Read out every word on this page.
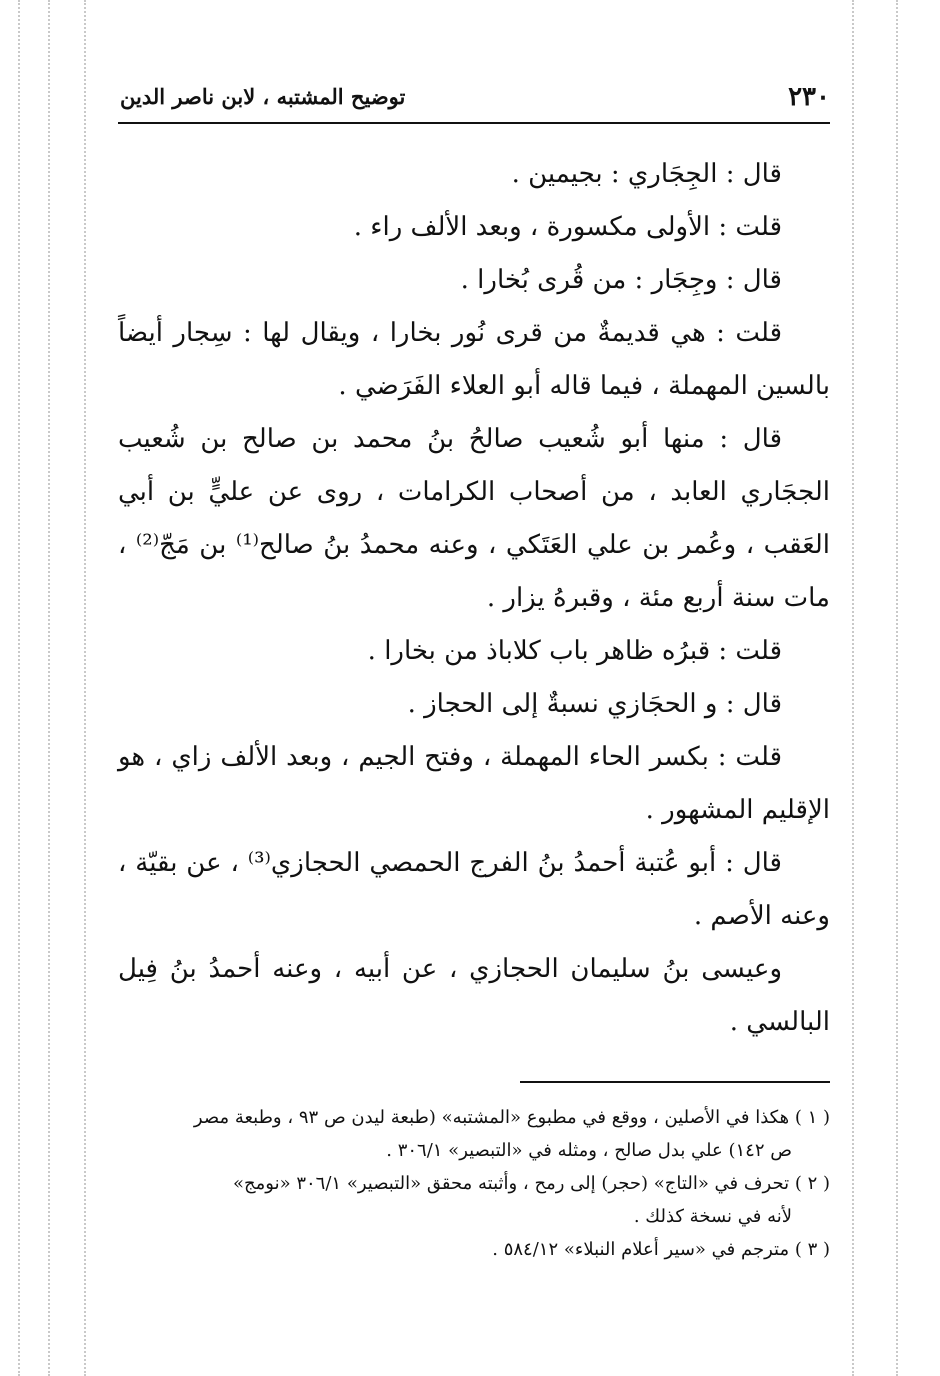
٢٣٠
توضيح المشتبه ، لابن ناصر الدين

قال : الجِجَاري : بجيمين .

قلت : الأولى مكسورة ، وبعد الألف راء .

قال : وجِجَار : من قُرى بُخارا .

قلت : هي قديمةٌ من قرى نُور بخارا ، ويقال لها : سِجار أيضاً بالسين المهملة ، فيما قاله أبو العلاء الفَرَضي .

قال : منها أبو شُعيب صالحُ بنُ محمد بن صالح بن شُعيب الججَاري العابد ، من أصحاب الكرامات ، روى عن عليٍّ بن أبي العَقب ، وعُمر بن علي العَتَكي ، وعنه محمدُ بنُ صالح⁽¹⁾ بن مَجّ⁽²⁾ ، مات سنة أربع مئة ، وقبرهُ يزار .

قلت : قبرُه ظاهر باب كلاباذ من بخارا .

قال : و الحجَازي نسبةٌ إلى الحجاز .

قلت : بكسر الحاء المهملة ، وفتح الجيم ، وبعد الألف زاي ، هو الإقليم المشهور .

قال : أبو عُتبة أحمدُ بنُ الفرج الحمصي الحجازي⁽³⁾ ، عن بقيّة ، وعنه الأصم .

وعيسى بنُ سليمان الحجازي ، عن أبيه ، وعنه أحمدُ بنُ فِيل البالسي .

( ١ ) هكذا في الأصلين ، ووقع في مطبوع «المشتبه» (طبعة ليدن ص ٩٣ ، وطبعة مصر
ص ١٤٢) علي بدل صالح ، ومثله في «التبصير» ٣٠٦/١ .

( ٢ ) تحرف في «التاج» (حجر) إلى رمح ، وأثبته محقق «التبصير» ٣٠٦/١ «نومج»
لأنه في نسخة كذلك .

( ٣ ) مترجم في «سير أعلام النبلاء» ٥٨٤/١٢ .
